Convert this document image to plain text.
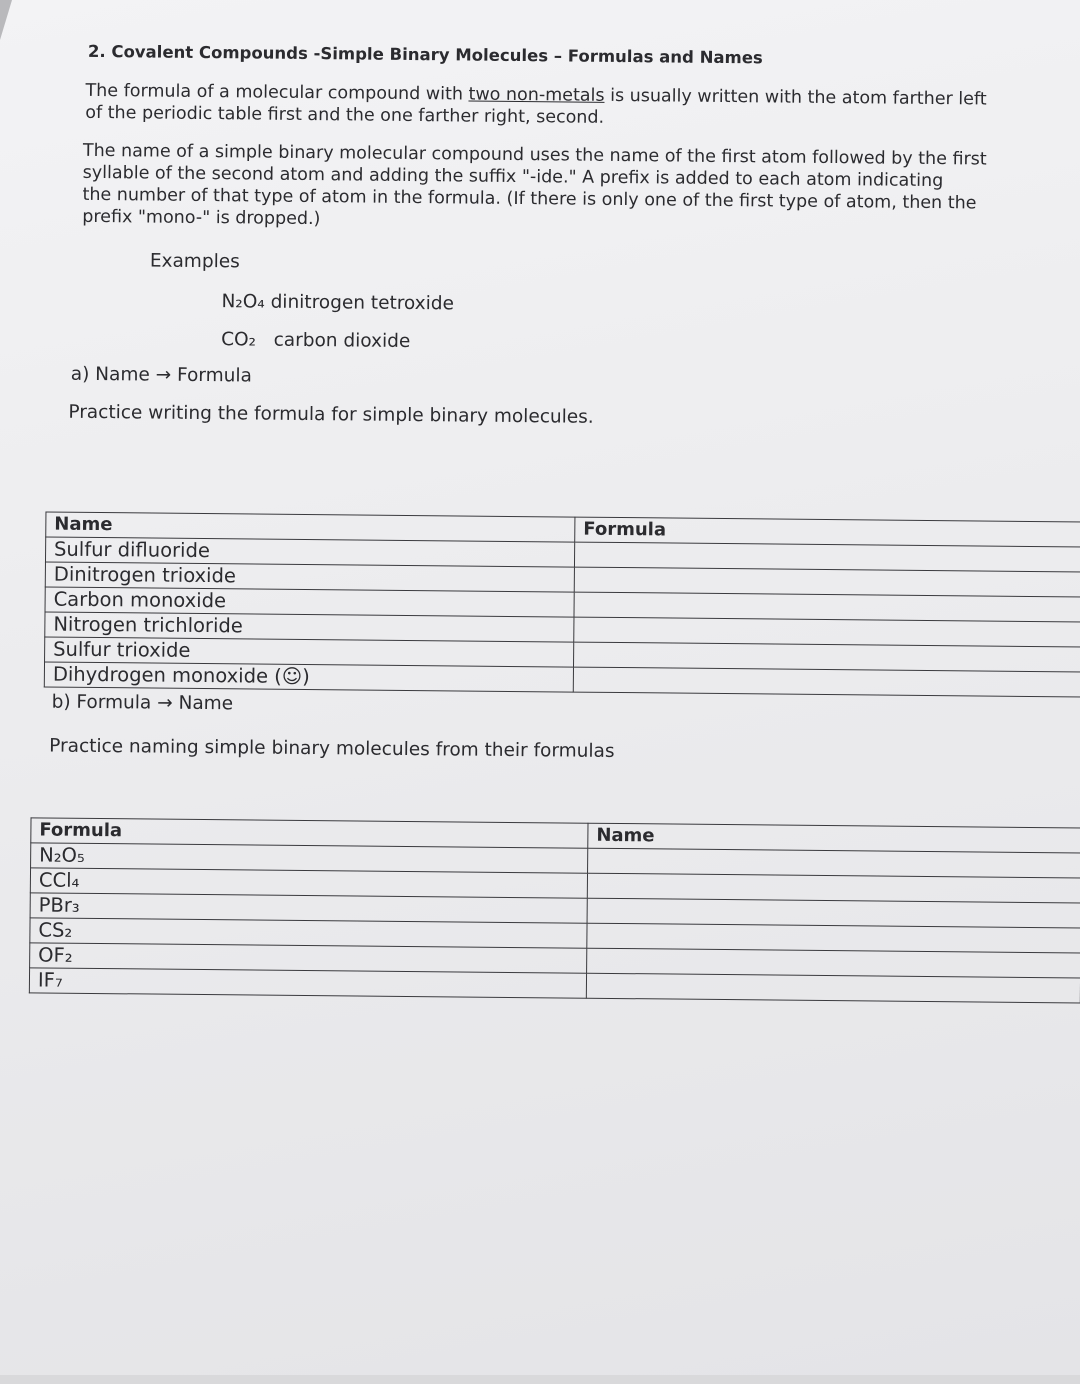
2. Covalent Compounds -Simple Binary Molecules – Formulas and Names
The formula of a molecular compound with two non-metals is usually written with the atom farther left
of the periodic table first and the one farther right, second.
The name of a simple binary molecular compound uses the name of the first atom followed by the first
syllable of the second atom and adding the suffix "-ide." A prefix is added to each atom indicating
the number of that type of atom in the formula. (If there is only one of the first type of atom, then the
prefix "mono-" is dropped.)
Examples
N₂O₄ dinitrogen tetroxide
CO₂ carbon dioxide
a) Name → Formula
Practice writing the formula for simple binary molecules.
Name	Formula
Sulfur difluoride	
Dinitrogen trioxide	
Carbon monoxide	
Nitrogen trichloride	
Sulfur trioxide	
Dihydrogen monoxide (☺)	
b) Formula → Name
Practice naming simple binary molecules from their formulas
Formula	Name
N₂O₅	
CCl₄	
PBr₃	
CS₂	
OF₂	
IF₇	
